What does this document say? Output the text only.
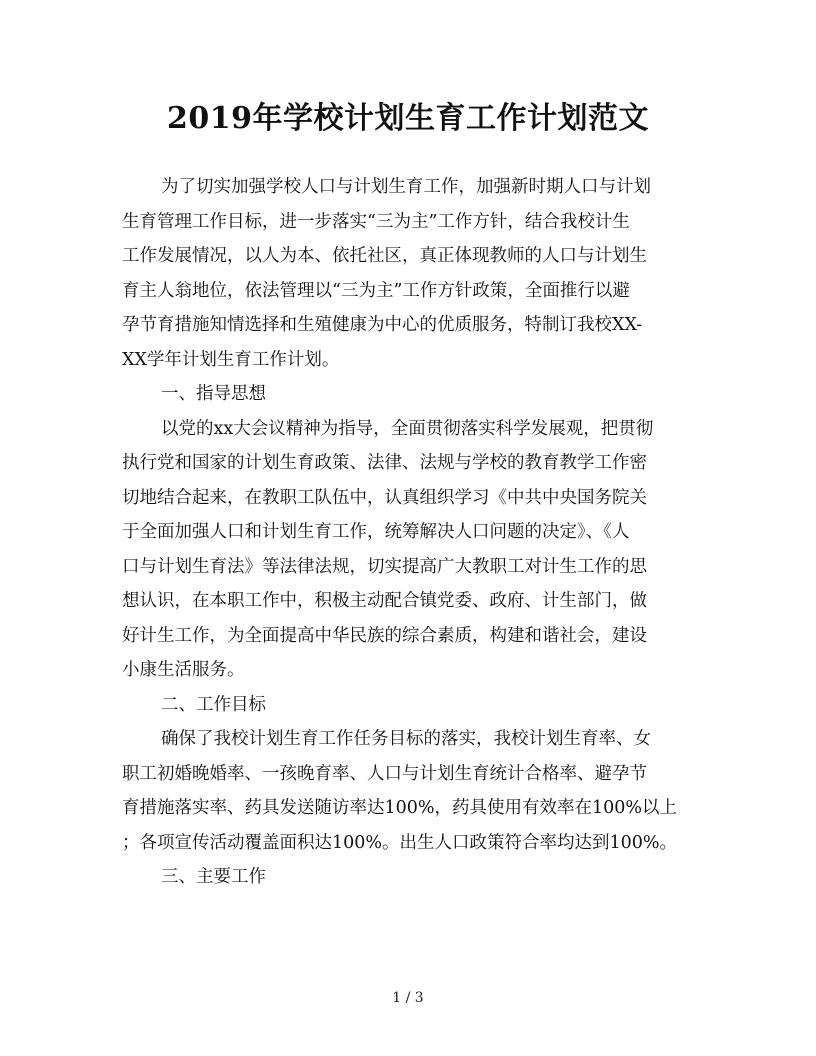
2019年学校计划生育工作计划范文
为了切实加强学校人口与计划生育工作，加强新时期人口与计划
生育管理工作目标，进一步落实“三为主”工作方针，结合我校计生
工作发展情况，以人为本、依托社区，真正体现教师的人口与计划生
育主人翁地位，依法管理以“三为主”工作方针政策，全面推行以避
孕节育措施知情选择和生殖健康为中心的优质服务，特制订我校XX-
XX学年计划生育工作计划。
一、指导思想
以党的xx大会议精神为指导，全面贯彻落实科学发展观，把贯彻
执行党和国家的计划生育政策、法律、法规与学校的教育教学工作密
切地结合起来，在教职工队伍中，认真组织学习《中共中央国务院关
于全面加强人口和计划生育工作，统筹解决人口问题的决定》、《人
口与计划生育法》等法律法规，切实提高广大教职工对计生工作的思
想认识，在本职工作中，积极主动配合镇党委、政府、计生部门，做
好计生工作，为全面提高中华民族的综合素质，构建和谐社会，建设
小康生活服务。
二、工作目标
确保了我校计划生育工作任务目标的落实，我校计划生育率、女
职工初婚晚婚率、一孩晚育率、人口与计划生育统计合格率、避孕节
育措施落实率、药具发送随访率达100%，药具使用有效率在100%以上
；各项宣传活动覆盖面积达100%。出生人口政策符合率均达到100%。
三、主要工作
1 / 3
